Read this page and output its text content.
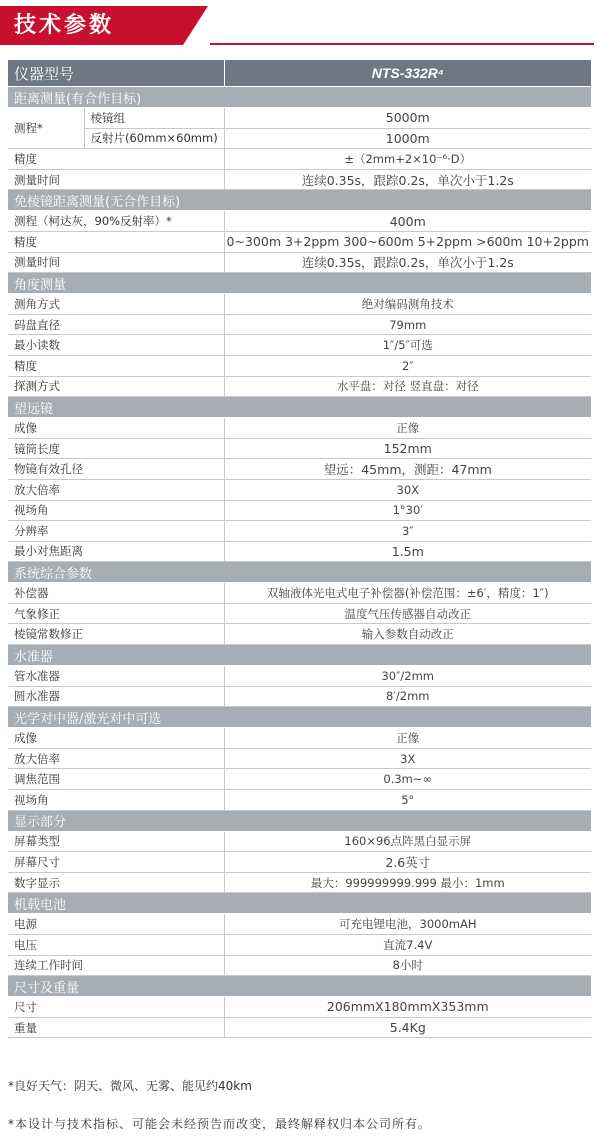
技术参数
仪器型号		NTS-332R⁴
距离测量(有合作目标)		
测程*	棱镜组	5000m
	反射片(60mm×60mm)	1000m
精度		±（2mm+2×10⁻⁶·D）
测量时间		连续0.35s，跟踪0.2s，单次小于1.2s
免棱镜距离测量(无合作目标)		
测程（柯达灰，90%反射率）*		400m
精度		0~300m 3+2ppm 300~600m 5+2ppm >600m 10+2ppm
测量时间		连续0.35s，跟踪0.2s，单次小于1.2s
角度测量		
测角方式		绝对编码测角技术
码盘直径		79mm
最小读数		1″/5″可选
精度		2″
探测方式		水平盘：对径 竖直盘：对径
望远镜		
成像		正像
镜筒长度		152mm
物镜有效孔径		望远：45mm，测距：47mm
放大倍率		30X
视场角		1°30′
分辨率		3″
最小对焦距离		1.5m
系统综合参数		
补偿器		双轴液体光电式电子补偿器(补偿范围：±6′，精度：1″)
气象修正		温度气压传感器自动改正
棱镜常数修正		输入参数自动改正
水准器		
管水准器		30″/2mm
圆水准器		8′/2mm
光学对中器/激光对中可选		
成像		正像
放大倍率		3X
调焦范围		0.3m~∞
视场角		5°
显示部分		
屏幕类型		160×96点阵黑白显示屏
屏幕尺寸		2.6英寸
数字显示		最大：999999999.999 最小：1mm
机载电池		
电源		可充电锂电池，3000mAH
电压		直流7.4V
连续工作时间		8小时
尺寸及重量		
尺寸		206mmX180mmX353mm
重量		5.4Kg
*良好天气：阴天、微风、无雾、能见约40km
*本设计与技术指标、可能会未经预告而改变，最终解释权归本公司所有。
